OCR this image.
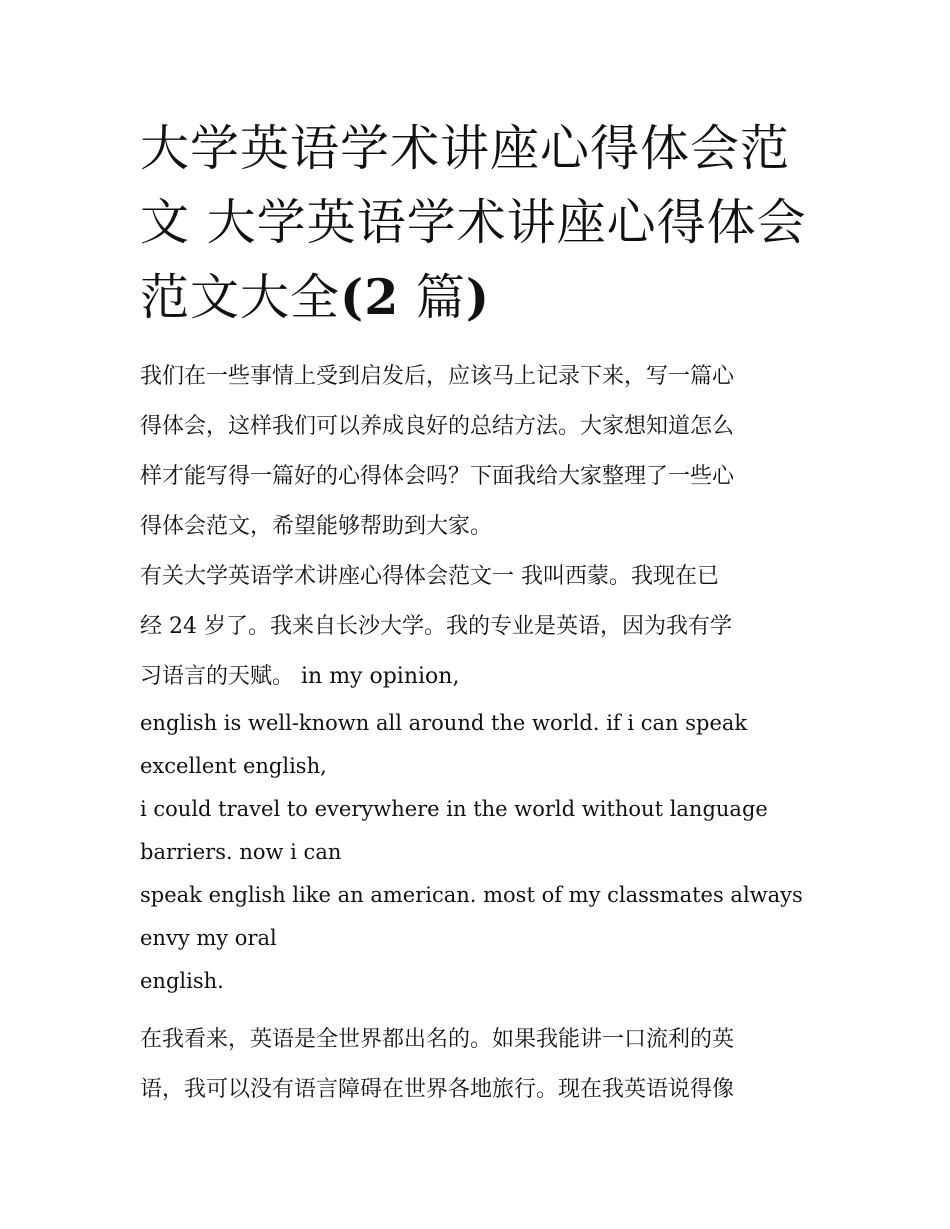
大学英语学术讲座心得体会范
文 大学英语学术讲座心得体会
范文大全(2 篇)
我们在一些事情上受到启发后，应该马上记录下来，写一篇心
得体会，这样我们可以养成良好的总结方法。大家想知道怎么
样才能写得一篇好的心得体会吗？下面我给大家整理了一些心
得体会范文，希望能够帮助到大家。
有关大学英语学术讲座心得体会范文一 我叫西蒙。我现在已
经 24 岁了。我来自长沙大学。我的专业是英语，因为我有学
习语言的天赋。 in my opinion,
english is well-known all around the world. if i can speak
excellent english,
i could travel to everywhere in the world without language
barriers. now i can
speak english like an american. most of my classmates always
envy my oral
english.
在我看来，英语是全世界都出名的。如果我能讲一口流利的英
语，我可以没有语言障碍在世界各地旅行。现在我英语说得像
